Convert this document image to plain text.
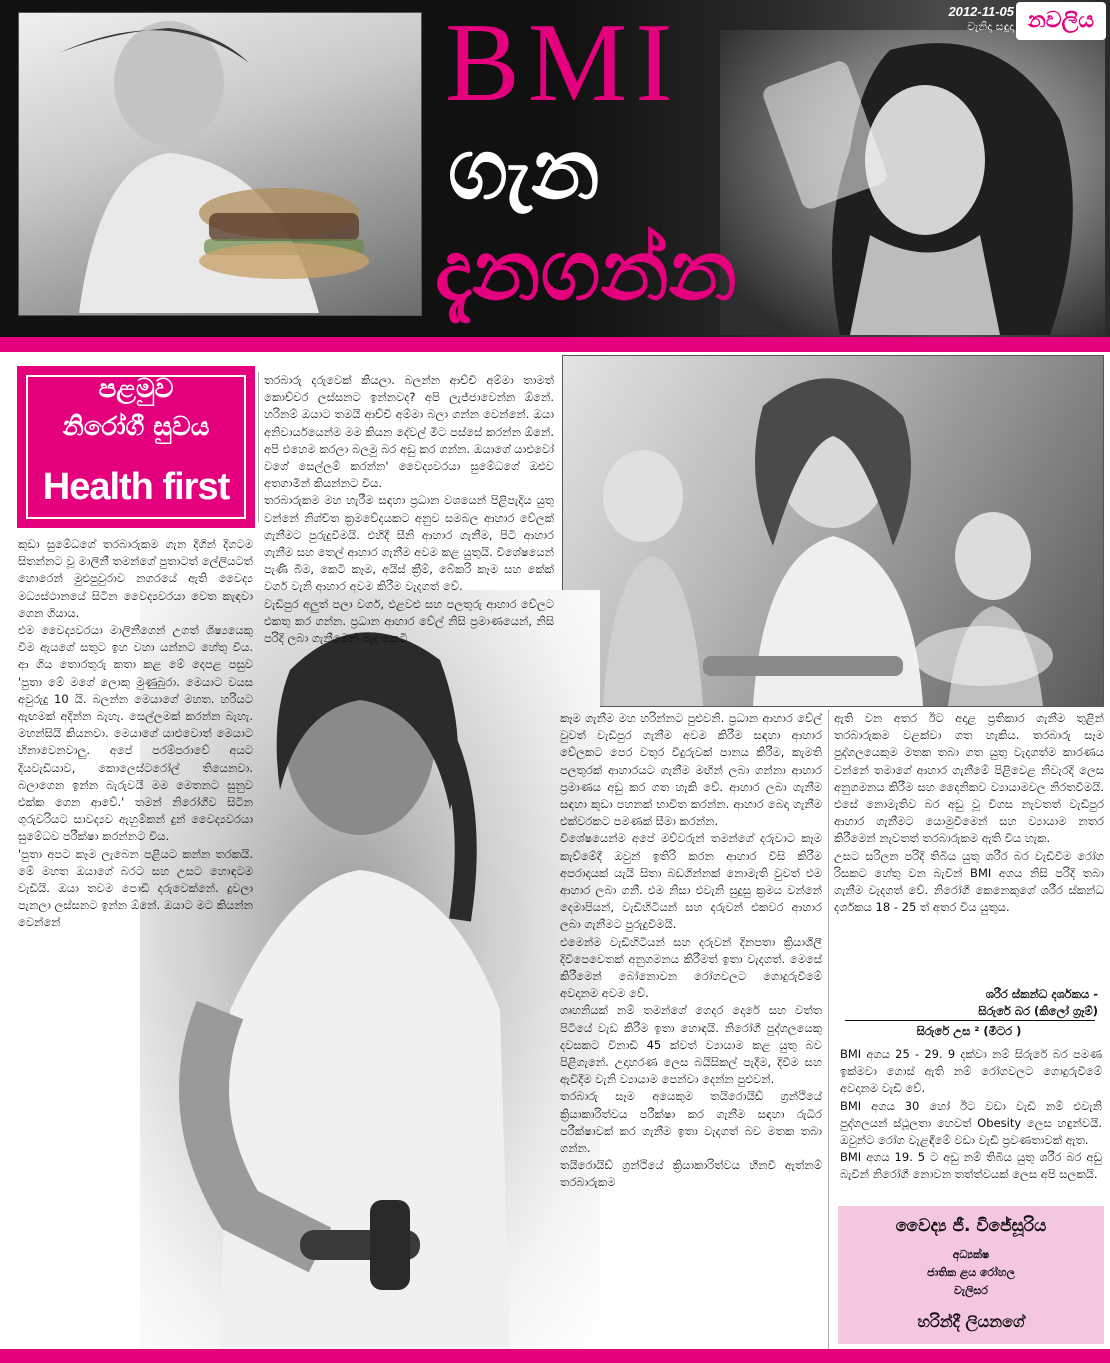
BMI
ගැන
දැනගන්න
2012-11-05
වැනිදා සඳුදා නවලිය
පළමුව
නිරෝගී සුවය
Health first
තරබාරු දරුවෙක් කියලා. බලන්න ආච්චි අම්මා තාමත් කොච්චර ලස්සනට ඉන්නවද? අපි ලැජ්ජාවෙන්න ඕනේ. හරිනම් ඔයාට තමයි ආච්චි අම්මා බලා ගන්න වෙන්නේ. ඔයා අනිවාර්යයෙන්ම මම කියන දේවල් මීට පස්සේ කරන්න ඕනේ. අපි එහෙම කරලා බලමු බර අඩු කර ගන්න. ඔයාගේ යාළුවෝ වගේ සෙල්ලම් කරන්න' වෛද්‍යවරයා සුමේධගේ ඔළුව අතගාමින් කියන්නට විය.
තරබාරුකම මහ හැරීම සඳහා ප්‍රධාන වශයෙන් පිළිපැදිය යුතු වන්නේ නිශ්චිත ක්‍රමවේදයකට අනුව සමබල ආහාර වේලක් ගැනීමට පුරුදුවීමයි. එහිදී සීනි ආහාර ගැනීම, පිටි ආහාර ගැනීම සහ තෙල් ආහාර ගැනීම අවම කළ යුතුයි. විශේෂයෙන් පැණි බීම, කෙටි කෑම, අයිස් ක්‍රීම්, බේකරි කෑම සහ කේක් වර්ග වැනි ආහාර අවම කිරීම වැදගත් වේ.
වැඩිපුර අලුත් පලා වර්ග, එළවළු සහ පලතුරු ආහාර වේලට එකතු කර ගන්න. ප්‍රධාන ආහාර වේල් නිසි ප්‍රමාණයෙන්, නිසි පරිදි ලබා ගැනීමෙන් මැද කෙටි
කුඩා සුමේධගේ තරබාරුකම ගැන දිගින් දිගටම සිතන්නට වූ මාලිනී තමන්ගේ පුතාටත් ලේලියටත් හොරෙන් මුළුපුවුරාව නගරයේ ඇති වෛද්‍ය මධ්‍යස්ථානයේ සිටින වෛද්‍යවරයා වෙත කැඳවා ගෙන ගියාය.
එම වෛද්‍යවරයා මාලිනීගෙන් උගත් ශිෂ්‍යයෙකු වීම ඇයගේ සතුට ඉහ වහා යන්නට හේතු විය. ආ ගිය තොරතුරු කතා කළ මේ දෙපළ පසුව 'පුතා මේ මගේ ලොකු මුණුබුරා. මෙයාට වයස අවුරුදු 10 යි. බලන්න මෙයාගේ මහත. හරියට ඇඟමක් අදින්න බැහැ. සෙල්ලමක් කරන්න බැහැ. මහන්සියි කියනවා. මෙයාගේ යාළුවොත් මෙයාට හිනාවෙනවාලු. අපේ පරම්පරාවේ අයට දියවැඩියාව, කොලෙස්ටරෝල් තියෙනවා. බලාගෙන ඉන්න බැරුවයි මම මෙතනට සුනුව එක්ක ගෙන ආවේ.' තමන් නිරෝගීව සිටින ගුරුවරියට සාවද්‍යව ඇහුම්කන් දුන් වෛද්‍යවරයා සුමේධව පරීක්ෂා කරන්නට විය.
'පුතා අපට කෑම ලැබෙන පළියට කන්න තරකයි. මේ මහත ඔයාගේ බරට සහ උසට හොඳටම වැඩියි. ඔයා තවම පොඩි දරුවෙක්නේ. දුවලා පැනලා ලස්සනට ඉන්න ඕනේ. ඔයාට මට කියන්න වෙන්නේ
කෑම ගැනීම මහ හරින්නට පුළුවනි. ප්‍රධාන ආහාර වේල් වුවත් වැඩිපුර ගැනීම අවම කිරීම සඳහා ආහාර වේලකට පෙර වතුර වීදුරුවක් පානය කිරීම, කැමති පලතුරක් ආහාරයට ගැනීම මඟින් ලබා ගන්නා ආහාර ප්‍රමාණය අඩු කර ගත හැකි වේ. ආහාර ලබා ගැනීම සඳහා කුඩා පහනක් භාවිත කරන්න. ආහාර බෙදා ගැනීම එක්වරකට පමණක් සීමා කරන්න.
විශේෂයෙන්ම අපේ මව්වරුන් තමන්ගේ දරුවාට කෑම කැව්මේදී ඔවුන් ඉතිරි කරන ආහාර විසි කිරීම අපරාදයක් යැයි සිතා බඩගින්නක් නොමැති වුවත් එම ආහාර ලබා ගනී. එම නිසා එවැනි සුදුසු ක්‍රමය වන්නේ දෙමාපියන්, වැඩිහිටියන් සහ දරුවන් එකවර ආහාර ලබා ගැනීමට පුරුදුවීමයි.
එමෙන්ම වැඩිහිටියන් සහ දරුවන් දිනපතා ක්‍රියාශීලී දිවිපෙවෙතක් අනුගමනය කිරීමත් ඉතා වැදගත්. මෙසේ කිරීමෙන් බෝනොවන රෝගවලට ගොදුරුවීමේ අවදානම අවම වේ.
ගෘහනියක් නම් තමන්ගේ ගෙදර දොරේ සහ වත්ත පිටියේ වැඩ කිරීම ඉතා හොඳයි. නිරෝගී පුද්ගලයෙකු දවසකට විනාඩි 45 ක්වත් ව්‍යායාම කළ යුතු බව පිළිගැනේ. උදාහරණ ලෙස බයිසිකල් පැදීම, දිවීම සහ ඇවිදීම වැනි ව්‍යායාම පෙන්වා දෙන්න පුළුවන්.
තරබාරු සෑම අයෙකුම තයිරොයිඩ් ග්‍රන්ථියේ ක්‍රියාකාරිත්වය පරීක්ෂා කර ගැනීම සඳහා රුධිර පරීක්ෂාවක් කර ගැනීම ඉතා වැදගත් බව මතක තබා ගන්න.
තයිරොයිඩ් ග්‍රන්ථියේ ක්‍රියාකාරිත්වය හීනවී ඇත්නම් තරබාරුකම
ඇති වන අතර ඊට අදාළ ප්‍රතිකාර ගැනීම තුළින් තරබාරුකම වළක්වා ගත හැකිය. තරබාරු සෑම පුද්ගලයෙකුම මතක තබා ගත යුතු වැදගත්ම කාරණය වන්නේ තමාගේ ආහාර ගැනීමේ පිළිවෙළ නිවැරදි ලෙස අනුගමනය කිරීම සහ දෛනිකව ව්‍යායාමවල නිරතවීමයි. එසේ නොමැතිව බර අඩු වූ විගස නැවතත් වැඩිපුර ආහාර ගැනීමට යොමුවීමෙන් සහ ව්‍යායාම නතර කිරීමෙන් නැවතත් තරබාරුකම ඇති විය හැක.
උසට සරිලන පරිදි තිබිය යුතු ශරීර බර වැඩිවීම රෝග රිසකට හේතු වන බැවින් BMI අගය නිසි පරිදි තබා ගැනීම වැදගත් වේ. නිරෝගී කෙනෙකුගේ ශරීර ස්කන්ධ දර්ශකය 18 - 25 ත් අතර විය යුතුය.
ශරීර ස්කන්ධ දර්ශකය -
සිරුරේ බර (කිලෝ ග්‍රෑම්)
සිරුරේ උස ² (මීටර )
BMI අගය 25 - 29. 9 දක්වා නම් සිරුරේ බර පමණ ඉක්මවා ගොස් ඇති නම් රෝගවලට ගොදුරුවීමේ අවදානම වැඩි වේ.
BMI අගය 30 හෝ ඊට වඩා වැඩි නම් එවැනි පුද්ගලයන් ස්ථූලතා හෙවත් Obesity ලෙස හඳුන්වයි. ඔවුන්ට රෝග වැළඳීමේ වඩා වැඩි ප්‍රවණතාවක් ඇත.
BMI අගය 19. 5 ට අඩු නම් තිබිය යුතු ශරීර බර අඩු බැවින් නිරෝගී නොවන තත්ත්වයක් ලෙස අපි සලකයි.
වෛද්‍ය ජී. විජේසූරිය
අධ්‍යක්ෂ
ජාතික ළය රෝහල
වැලිසර
හරින්දී ලියනගේ
